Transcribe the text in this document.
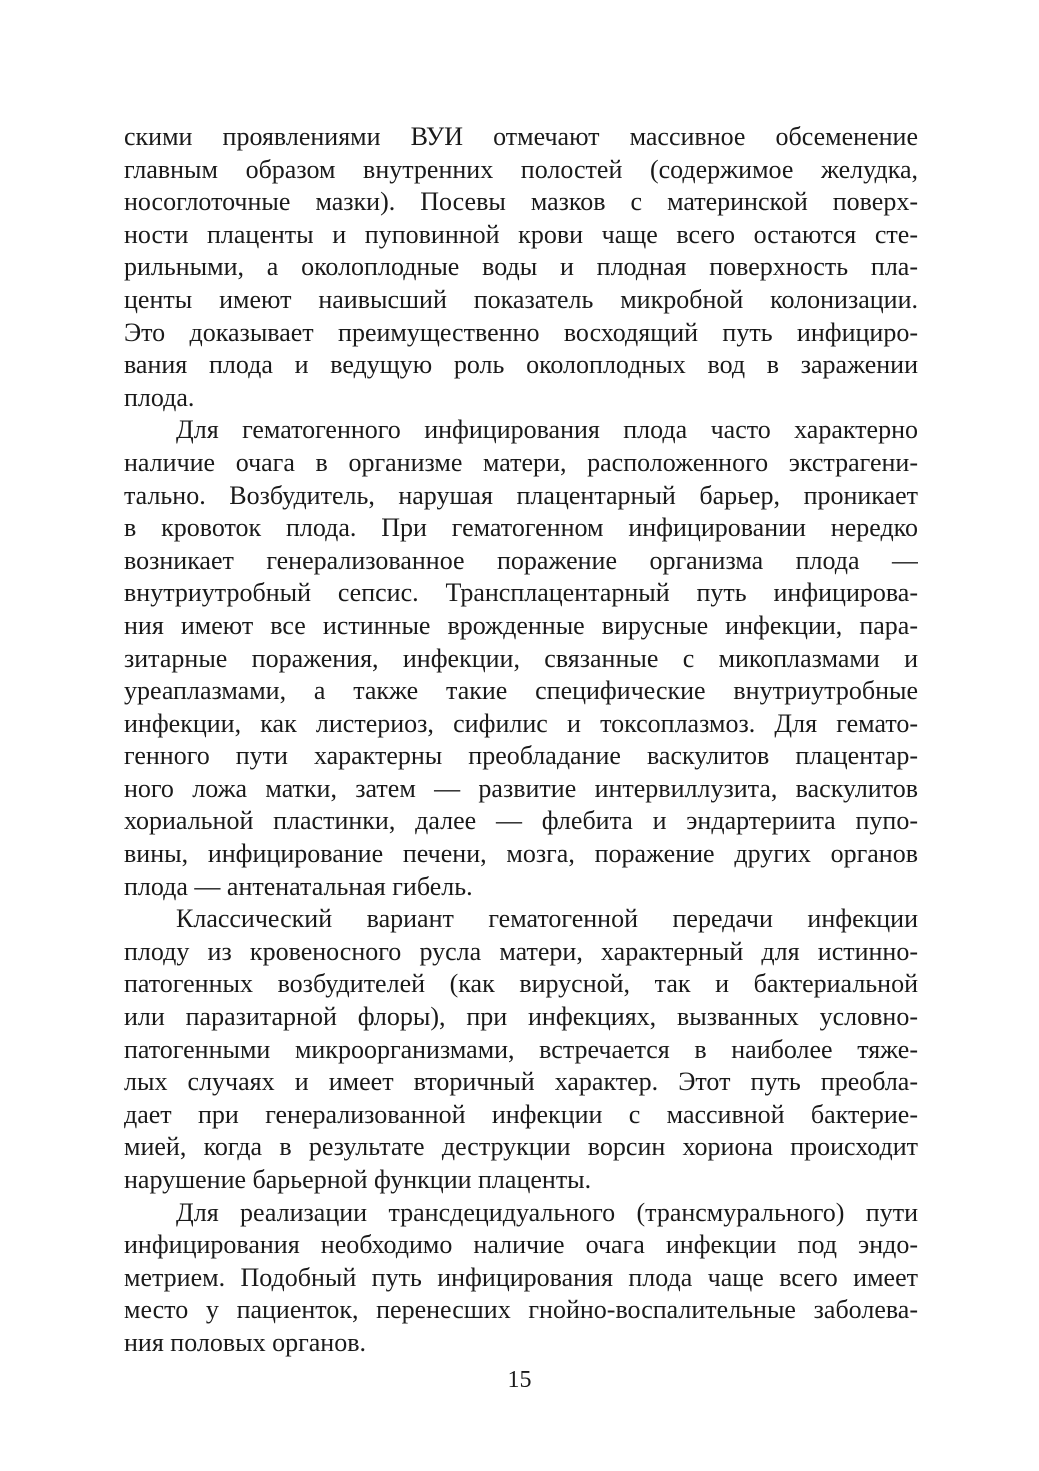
скими проявлениями ВУИ отмечают массивное обсеменение
главным образом внутренних полостей (содержимое желудка,
носоглоточные мазки). Посевы мазков с материнской поверх-
ности плаценты и пуповинной крови чаще всего остаются сте-
рильными, а околоплодные воды и плодная поверхность пла-
центы имеют наивысший показатель микробной колонизации.
Это доказывает преимущественно восходящий путь инфициро-
вания плода и ведущую роль околоплодных вод в заражении
плода.
Для гематогенного инфицирования плода часто характерно
наличие очага в организме матери, расположенного экстрагени-
тально. Возбудитель, нарушая плацентарный барьер, проникает
в кровоток плода. При гематогенном инфицировании нередко
возникает генерализованное поражение организма плода —
внутриутробный сепсис. Трансплацентарный путь инфицирова-
ния имеют все истинные врожденные вирусные инфекции, пара-
зитарные поражения, инфекции, связанные с микоплазмами и
уреаплазмами, а также такие специфические внутриутробные
инфекции, как листериоз, сифилис и токсоплазмоз. Для гемато-
генного пути характерны преобладание васкулитов плацентар-
ного ложа матки, затем — развитие интервиллузита, васкулитов
хориальной пластинки, далее — флебита и эндартериита пупо-
вины, инфицирование печени, мозга, поражение других органов
плода — антенатальная гибель.
Классический вариант гематогенной передачи инфекции
плоду из кровеносного русла матери, характерный для истинно-
патогенных возбудителей (как вирусной, так и бактериальной
или паразитарной флоры), при инфекциях, вызванных условно-
патогенными микроорганизмами, встречается в наиболее тяже-
лых случаях и имеет вторичный характер. Этот путь преобла-
дает при генерализованной инфекции с массивной бактерие-
мией, когда в результате деструкции ворсин хориона происходит
нарушение барьерной функции плаценты.
Для реализации трансдецидуального (трансмурального) пути
инфицирования необходимо наличие очага инфекции под эндо-
метрием. Подобный путь инфицирования плода чаще всего имеет
место у пациенток, перенесших гнойно-воспалительные заболева-
ния половых органов.
15
